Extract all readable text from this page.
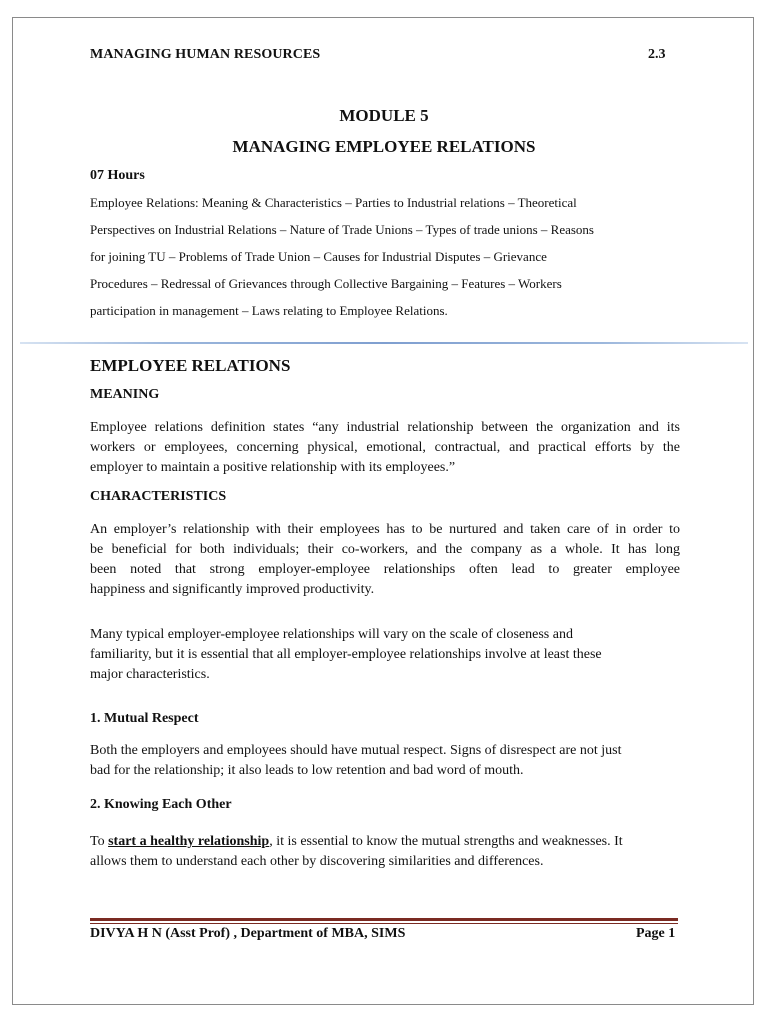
MANAGING HUMAN RESOURCES	2.3
MODULE 5
MANAGING EMPLOYEE RELATIONS
07 Hours
Employee Relations: Meaning & Characteristics – Parties to Industrial relations – Theoretical
Perspectives on Industrial Relations – Nature of Trade Unions – Types of trade unions – Reasons
for joining TU – Problems of Trade Union – Causes for Industrial Disputes – Grievance
Procedures – Redressal of Grievances through Collective Bargaining – Features – Workers
participation in management – Laws relating to Employee Relations.
EMPLOYEE RELATIONS
MEANING
Employee relations definition states “any industrial relationship between the organization and its
workers or employees, concerning physical, emotional, contractual, and practical efforts by the
employer to maintain a positive relationship with its employees.”
CHARACTERISTICS
An employer’s relationship with their employees has to be nurtured and taken care of in order to
be beneficial for both individuals; their co-workers, and the company as a whole. It has long
been noted that strong employer-employee relationships often lead to greater employee
happiness and significantly improved productivity.
Many typical employer-employee relationships will vary on the scale of closeness and
familiarity, but it is essential that all employer-employee relationships involve at least these
major characteristics.
1. Mutual Respect
Both the employers and employees should have mutual respect. Signs of disrespect are not just
bad for the relationship; it also leads to low retention and bad word of mouth.
2. Knowing Each Other
To start a healthy relationship, it is essential to know the mutual strengths and weaknesses. It
allows them to understand each other by discovering similarities and differences.
DIVYA H N (Asst Prof) , Department of MBA, SIMS	Page 1
